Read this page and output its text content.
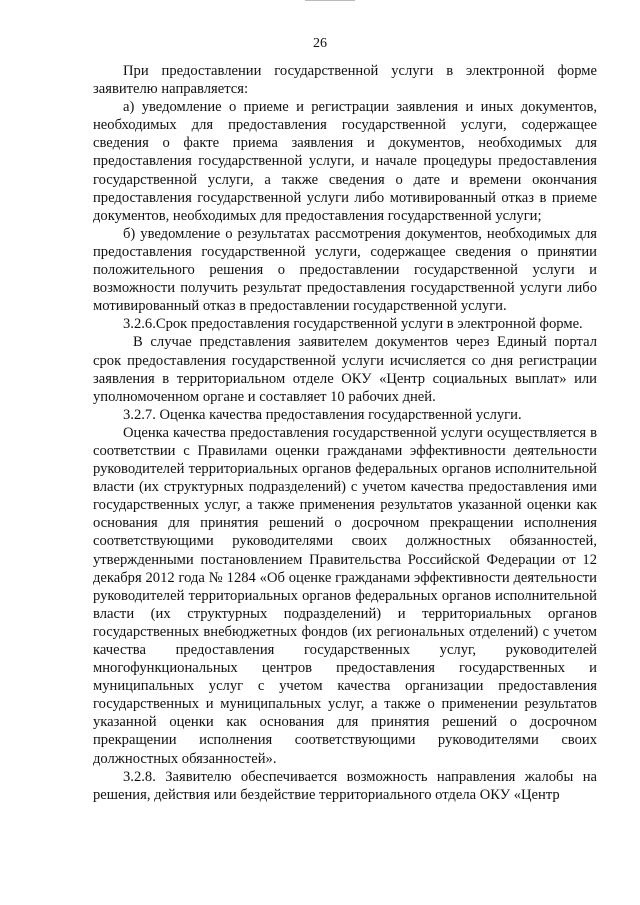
26

При предоставлении государственной услуги в электронной форме заявителю направляется:

а) уведомление о приеме и регистрации заявления и иных документов, необходимых для предоставления государственной услуги, содержащее сведения о факте приема заявления и документов, необходимых для предоставления государственной услуги, и начале процедуры предоставления государственной услуги, а также сведения о дате и времени окончания предоставления государственной услуги либо мотивированный отказ в приеме документов, необходимых для предоставления государственной услуги;

б) уведомление о результатах рассмотрения документов, необходимых для предоставления государственной услуги, содержащее сведения о принятии положительного решения о предоставлении государственной услуги и возможности получить результат предоставления государственной услуги либо мотивированный отказ в предоставлении государственной услуги.

3.2.6.Срок предоставления государственной услуги в электронной форме.

В случае представления заявителем документов через Единый портал срок предоставления государственной услуги исчисляется со дня регистрации заявления в территориальном отделе ОКУ «Центр социальных выплат» или уполномоченном органе и составляет 10 рабочих дней.

3.2.7. Оценка качества предоставления государственной услуги.

Оценка качества предоставления государственной услуги осуществляется в соответствии с Правилами оценки гражданами эффективности деятельности руководителей территориальных органов федеральных органов исполнительной власти (их структурных подразделений) с учетом качества предоставления ими государственных услуг, а также применения результатов указанной оценки как основания для принятия решений о досрочном прекращении исполнения соответствующими руководителями своих должностных обязанностей, утвержденными постановлением Правительства Российской Федерации от 12 декабря 2012 года № 1284 «Об оценке гражданами эффективности деятельности руководителей территориальных органов федеральных органов исполнительной власти (их структурных подразделений) и территориальных органов государственных внебюджетных фондов (их региональных отделений) с учетом качества предоставления государственных услуг, руководителей многофункциональных центров предоставления государственных и муниципальных услуг с учетом качества организации предоставления государственных и муниципальных услуг, а также о применении результатов указанной оценки как основания для принятия решений о досрочном прекращении исполнения соответствующими руководителями своих должностных обязанностей».

3.2.8. Заявителю обеспечивается возможность направления жалобы на решения, действия или бездействие территориального отдела ОКУ «Центр
